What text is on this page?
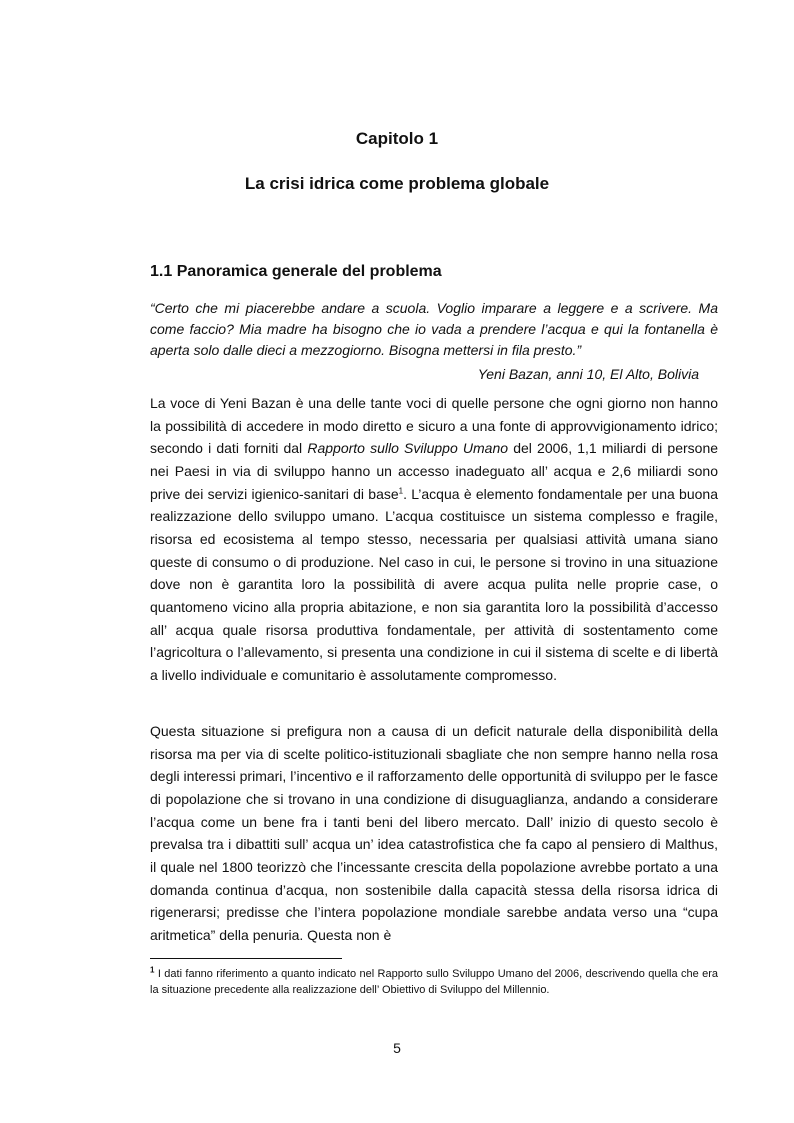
Capitolo 1
La crisi idrica come problema globale
1.1 Panoramica generale del problema

“Certo che mi piacerebbe andare a scuola. Voglio imparare a leggere e a scrivere. Ma come faccio? Mia madre ha bisogno che io vada a prendere l’acqua e qui la fontanella è aperta solo dalle dieci a mezzogiorno. Bisogna mettersi in fila presto.”

Yeni Bazan, anni 10, El Alto, Bolivia

La voce di Yeni Bazan è una delle tante voci di quelle persone che ogni giorno non hanno la possibilità di accedere in modo diretto e sicuro a una fonte di approvvigionamento idrico; secondo i dati forniti dal Rapporto sullo Sviluppo Umano del 2006, 1,1 miliardi di persone nei Paesi in via di sviluppo hanno un accesso inadeguato all’ acqua e 2,6 miliardi sono prive dei servizi igienico-sanitari di base$^1$. L’acqua è elemento fondamentale per una buona realizzazione dello sviluppo umano. L’acqua costituisce un sistema complesso e fragile, risorsa ed ecosistema al tempo stesso, necessaria per qualsiasi attività umana siano queste di consumo o di produzione. Nel caso in cui, le persone si trovino in una situazione dove non è garantita loro la possibilità di avere acqua pulita nelle proprie case, o quantomeno vicino alla propria abitazione, e non sia garantita loro la possibilità d’accesso all’ acqua quale risorsa produttiva fondamentale, per attività di sostentamento come l’agricoltura o l’allevamento, si presenta una condizione in cui il sistema di scelte e di libertà a livello individuale e comunitario è assolutamente compromesso.

Questa situazione si prefigura non a causa di un deficit naturale della disponibilità della risorsa ma per via di scelte politico-istituzionali sbagliate che non sempre hanno nella rosa degli interessi primari, l’incentivo e il rafforzamento delle opportunità di sviluppo per le fasce di popolazione che si trovano in una condizione di disuguaglianza, andando a considerare l’acqua come un bene fra i tanti beni del libero mercato. Dall’ inizio di questo secolo è prevalsa tra i dibattiti sull’ acqua un’ idea catastrofistica che fa capo al pensiero di Malthus, il quale nel 1800 teorizzò che l’incessante crescita della popolazione avrebbe portato a una domanda continua d’acqua, non sostenibile dalla capacità stessa della risorsa idrica di rigenerarsi; predisse che l’intera popolazione mondiale sarebbe andata verso una “cupa aritmetica” della penuria. Questa non è

$^1$ I dati fanno riferimento a quanto indicato nel Rapporto sullo Sviluppo Umano del 2006, descrivendo quella che era la situazione precedente alla realizzazione dell’ Obiettivo di Sviluppo del Millennio.

5
